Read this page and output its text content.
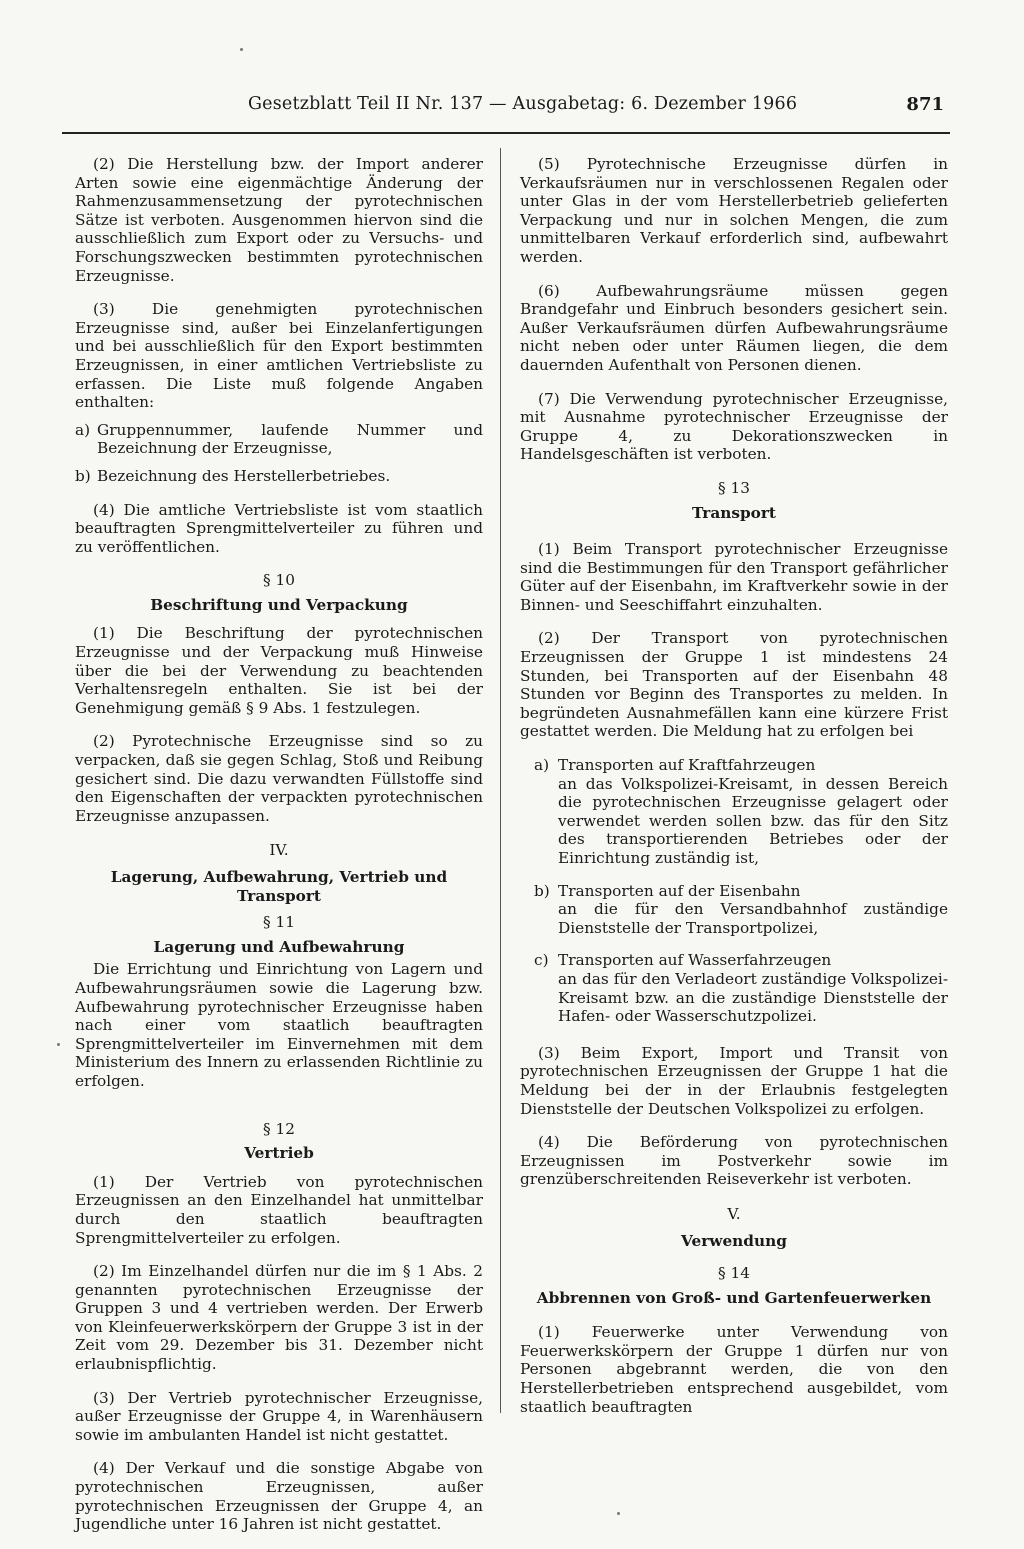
Gesetzblatt Teil II Nr. 137 — Ausgabetag: 6. Dezember 1966	871

(2) Die Herstellung bzw. der Import anderer Arten sowie eine eigenmächtige Änderung der Rahmenzusammensetzung der pyrotechnischen Sätze ist verboten. Ausgenommen hiervon sind die ausschließlich zum Export oder zu Versuchs- und Forschungszwecken bestimmten pyrotechnischen Erzeugnisse.

(3) Die genehmigten pyrotechnischen Erzeugnisse sind, außer bei Einzelanfertigungen und bei ausschließlich für den Export bestimmten Erzeugnissen, in einer amtlichen Vertriebsliste zu erfassen. Die Liste muß folgende Angaben enthalten:

a) Gruppennummer, laufende Nummer und Bezeichnung der Erzeugnisse,
b) Bezeichnung des Herstellerbetriebes.

(4) Die amtliche Vertriebsliste ist vom staatlich beauftragten Sprengmittelverteiler zu führen und zu veröffentlichen.

§ 10

Beschriftung und Verpackung

(1) Die Beschriftung der pyrotechnischen Erzeugnisse und der Verpackung muß Hinweise über die bei der Verwendung zu beachtenden Verhaltensregeln enthalten. Sie ist bei der Genehmigung gemäß § 9 Abs. 1 festzulegen.

(2) Pyrotechnische Erzeugnisse sind so zu verpacken, daß sie gegen Schlag, Stoß und Reibung gesichert sind. Die dazu verwandten Füllstoffe sind den Eigenschaften der verpackten pyrotechnischen Erzeugnisse anzupassen.

IV.

Lagerung, Aufbewahrung, Vertrieb und Transport

§ 11

Lagerung und Aufbewahrung

Die Errichtung und Einrichtung von Lagern und Aufbewahrungsräumen sowie die Lagerung bzw. Aufbewahrung pyrotechnischer Erzeugnisse haben nach einer vom staatlich beauftragten Sprengmittelverteiler im Einvernehmen mit dem Ministerium des Innern zu erlassenden Richtlinie zu erfolgen.

§ 12

Vertrieb

(1) Der Vertrieb von pyrotechnischen Erzeugnissen an den Einzelhandel hat unmittelbar durch den staatlich beauftragten Sprengmittelverteiler zu erfolgen.

(2) Im Einzelhandel dürfen nur die im § 1 Abs. 2 genannten pyrotechnischen Erzeugnisse der Gruppen 3 und 4 vertrieben werden. Der Erwerb von Kleinfeuerwerkskörpern der Gruppe 3 ist in der Zeit vom 29. Dezember bis 31. Dezember nicht erlaubnispflichtig.

(3) Der Vertrieb pyrotechnischer Erzeugnisse, außer Erzeugnisse der Gruppe 4, in Warenhäusern sowie im ambulanten Handel ist nicht gestattet.

(4) Der Verkauf und die sonstige Abgabe von pyrotechnischen Erzeugnissen, außer pyrotechnischen Erzeugnissen der Gruppe 4, an Jugendliche unter 16 Jahren ist nicht gestattet.

(5) Pyrotechnische Erzeugnisse dürfen in Verkaufsräumen nur in verschlossenen Regalen oder unter Glas in der vom Herstellerbetrieb gelieferten Verpackung und nur in solchen Mengen, die zum unmittelbaren Verkauf erforderlich sind, aufbewahrt werden.

(6) Aufbewahrungsräume müssen gegen Brandgefahr und Einbruch besonders gesichert sein. Außer Verkaufsräumen dürfen Aufbewahrungsräume nicht neben oder unter Räumen liegen, die dem dauernden Aufenthalt von Personen dienen.

(7) Die Verwendung pyrotechnischer Erzeugnisse, mit Ausnahme pyrotechnischer Erzeugnisse der Gruppe 4, zu Dekorationszwecken in Handelsgeschäften ist verboten.

§ 13

Transport

(1) Beim Transport pyrotechnischer Erzeugnisse sind die Bestimmungen für den Transport gefährlicher Güter auf der Eisenbahn, im Kraftverkehr sowie in der Binnen- und Seeschiffahrt einzuhalten.

(2) Der Transport von pyrotechnischen Erzeugnissen der Gruppe 1 ist mindestens 24 Stunden, bei Transporten auf der Eisenbahn 48 Stunden vor Beginn des Transportes zu melden. In begründeten Ausnahmefällen kann eine kürzere Frist gestattet werden. Die Meldung hat zu erfolgen bei

a) Transporten auf Kraftfahrzeugen
an das Volkspolizei-Kreisamt, in dessen Bereich die pyrotechnischen Erzeugnisse gelagert oder verwendet werden sollen bzw. das für den Sitz des transportierenden Betriebes oder der Einrichtung zuständig ist,
b) Transporten auf der Eisenbahn
an die für den Versandbahnhof zuständige Dienststelle der Transportpolizei,
c) Transporten auf Wasserfahrzeugen
an das für den Verladeort zuständige Volkspolizei-Kreisamt bzw. an die zuständige Dienststelle der Hafen- oder Wasserschutzpolizei.

(3) Beim Export, Import und Transit von pyrotechnischen Erzeugnissen der Gruppe 1 hat die Meldung bei der in der Erlaubnis festgelegten Dienststelle der Deutschen Volkspolizei zu erfolgen.

(4) Die Beförderung von pyrotechnischen Erzeugnissen im Postverkehr sowie im grenzüberschreitenden Reiseverkehr ist verboten.

V.

Verwendung

§ 14

Abbrennen von Groß- und Gartenfeuerwerken

(1) Feuerwerke unter Verwendung von Feuerwerkskörpern der Gruppe 1 dürfen nur von Personen abgebrannt werden, die von den Herstellerbetrieben entsprechend ausgebildet, vom staatlich beauftragten
